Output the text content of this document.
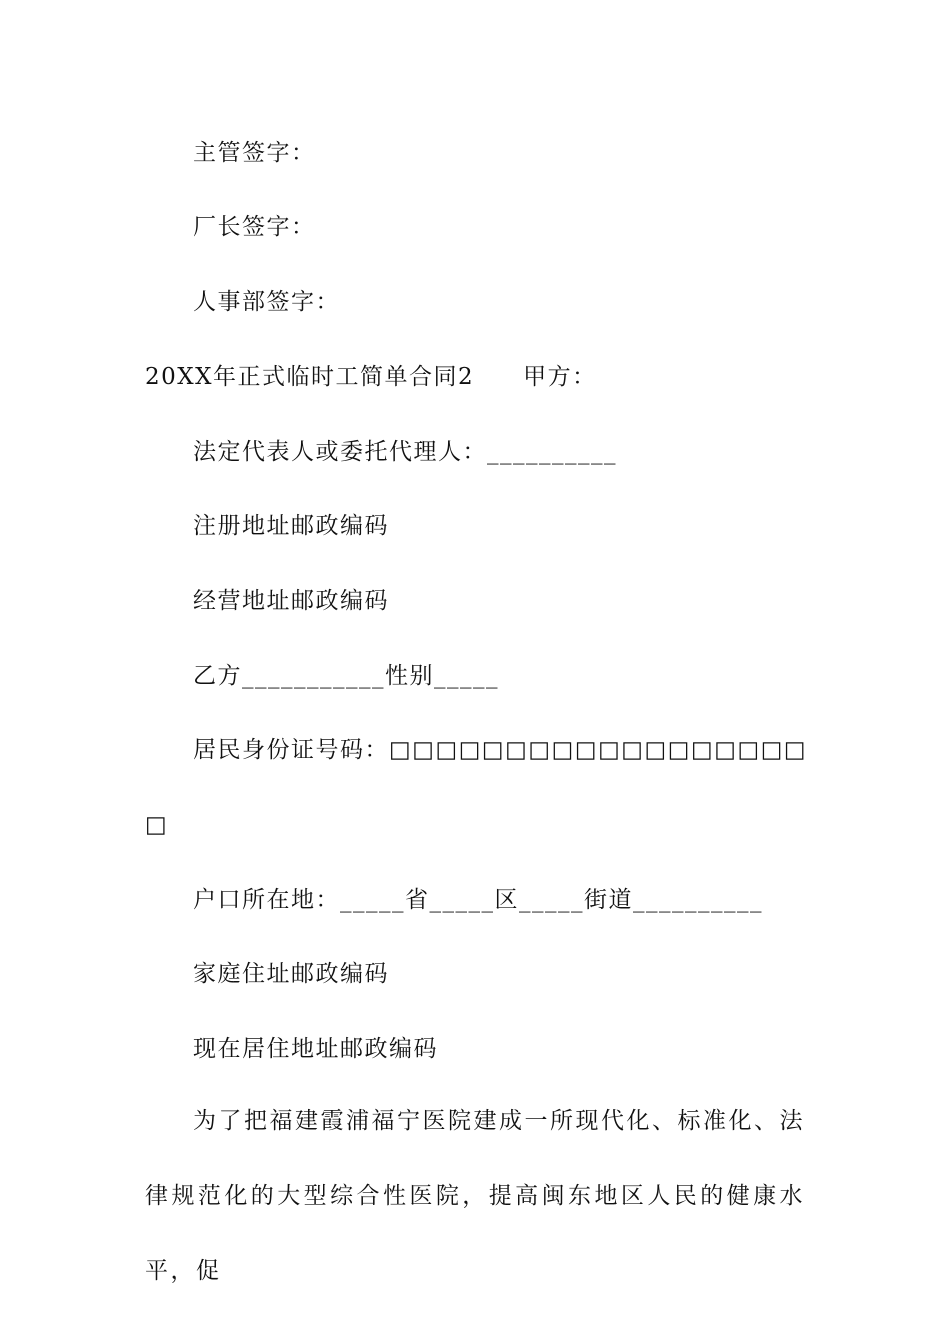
主管签字：
厂长签字：
人事部签字：
20XX年正式临时工简单合同2　　甲方：
法定代表人或委托代理人：__________
注册地址邮政编码
经营地址邮政编码
乙方___________性别_____
居民身份证号码：□□□□□□□□□□□□□□□□□□
□
户口所在地：_____省_____区_____街道__________
家庭住址邮政编码
现在居住地址邮政编码
为了把福建霞浦福宁医院建成一所现代化、标准化、法律规范化的大型综合性医院，提高闽东地区人民的健康水平，促
